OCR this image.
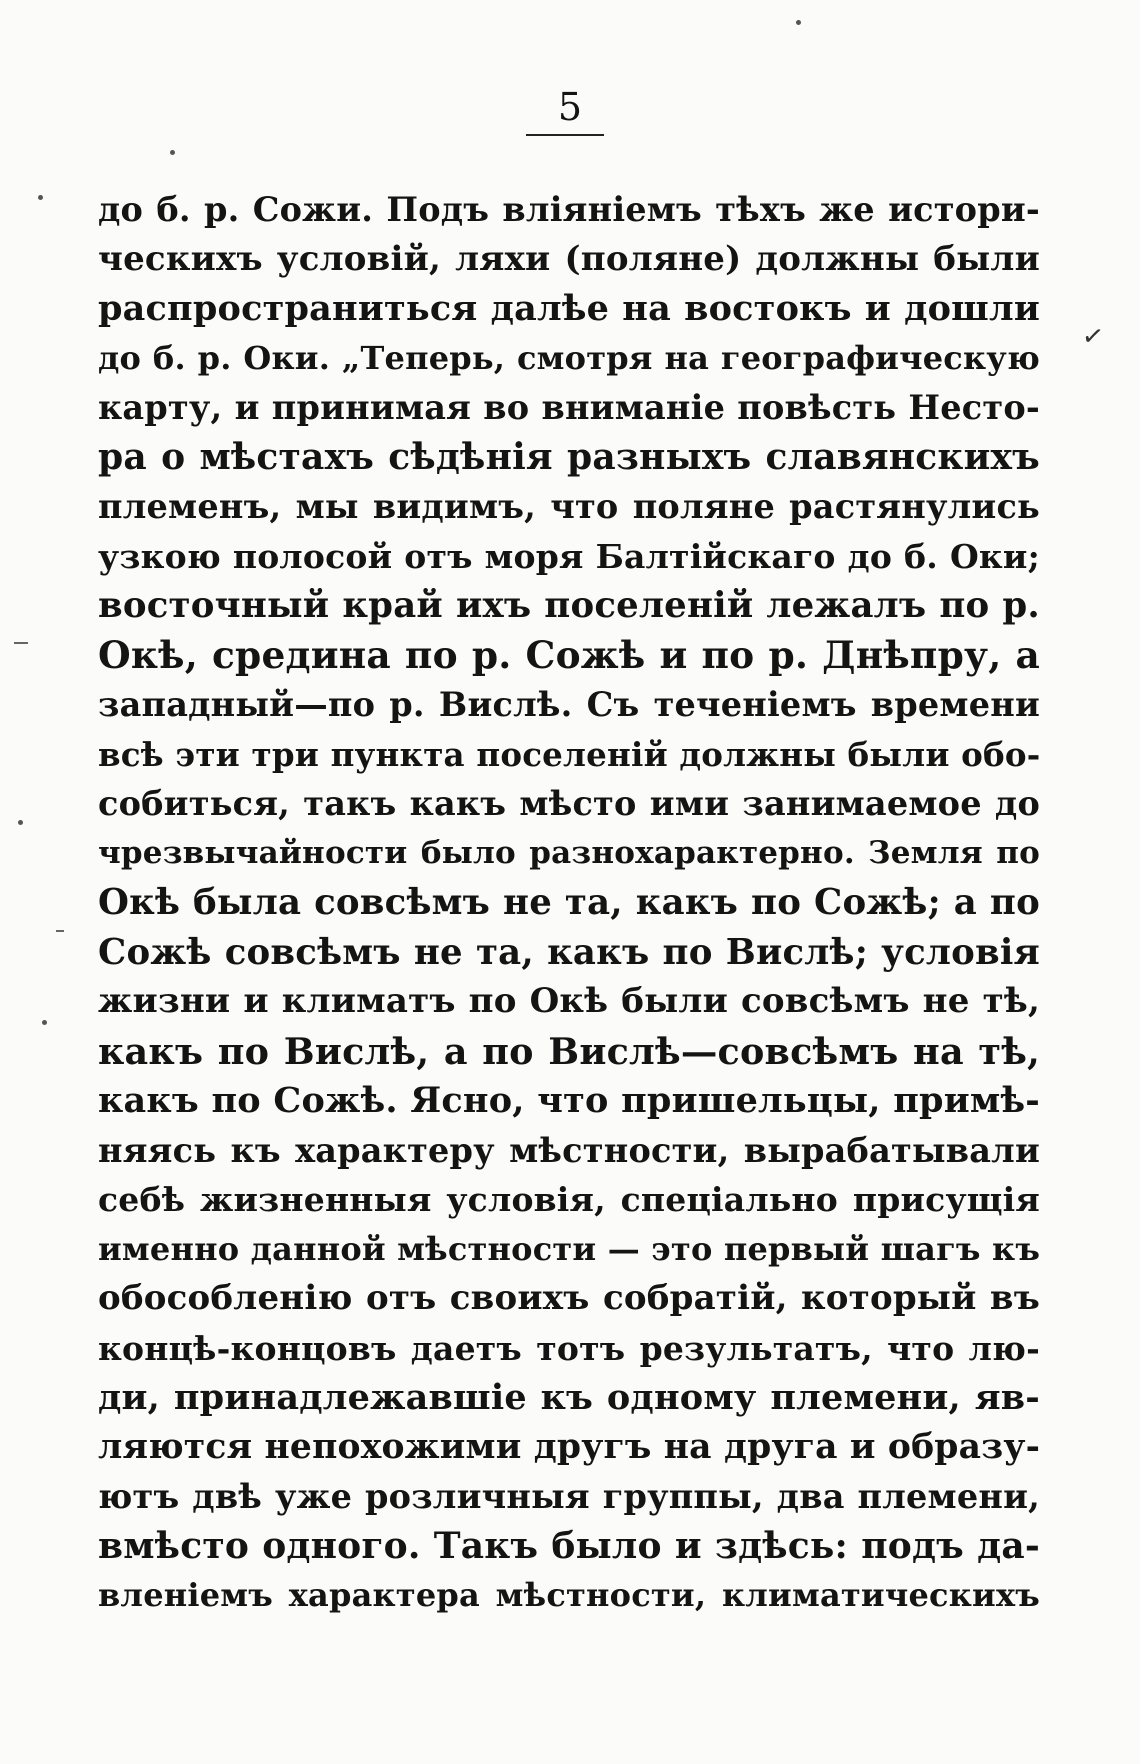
5
до б. р. Сожи. Подъ вліяніемъ тѣхъ же истори-
ческихъ условій, ляхи (поляне) должны были
распространиться далѣе на востокъ и дошли
до б. р. Оки. „Теперь, смотря на географическую
карту, и принимая во вниманіе повѣсть Несто-
ра о мѣстахъ сѣдѣнія разныхъ славянскихъ
племенъ, мы видимъ, что поляне растянулись
узкою полосой отъ моря Балтійскаго до б. Оки;
восточный край ихъ поселеній лежалъ по р.
Окѣ, средина по р. Сожѣ и по р. Днѣпру, а
западный—по р. Вислѣ. Съ теченіемъ времени
всѣ эти три пункта поселеній должны были обо-
собиться, такъ какъ мѣсто ими занимаемое до
чрезвычайности было разнохарактерно. Земля по
Окѣ была совсѣмъ не та, какъ по Сожѣ; а по
Сожѣ совсѣмъ не та, какъ по Вислѣ; условія
жизни и климатъ по Окѣ были совсѣмъ не тѣ,
какъ по Вислѣ, а по Вислѣ—совсѣмъ на тѣ,
какъ по Сожѣ. Ясно, что пришельцы, примѣ-
няясь къ характеру мѣстности, вырабатывали
себѣ жизненныя условія, спеціально присущія
именно данной мѣстности — это первый шагъ къ
обособленію отъ своихъ собратій, который въ
концѣ-концовъ даетъ тотъ результатъ, что лю-
ди, принадлежавшіе къ одному племени, яв-
ляются непохожими другъ на друга и образу-
ютъ двѣ уже розличныя группы, два племени,
вмѣсто одного. Такъ было и здѣсь: подъ да-
вленіемъ характера мѣстности, климатическихъ
✓
